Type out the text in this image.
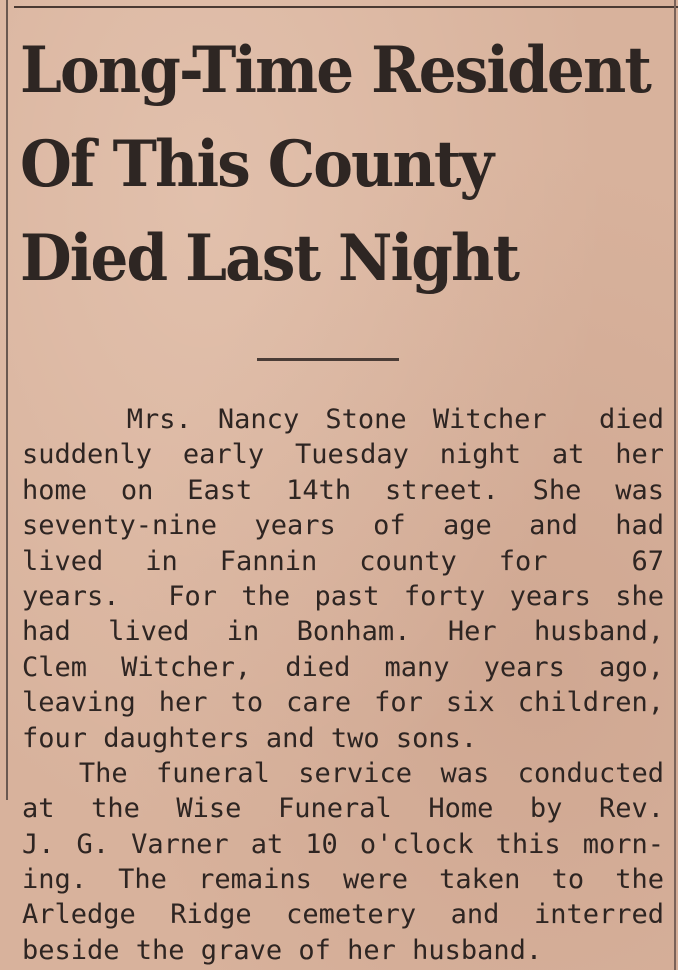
Long-Time Resident
Of This County
Died Last Night
Mrs. Nancy Stone Witcher  died
suddenly early Tuesday night at her
home on East 14th street. She was
seventy-nine years of age and had
lived in Fannin county for  67
years.  For the past forty years she
had lived in Bonham. Her husband,
Clem Witcher, died many years ago,
leaving her to care for six children,
four daughters and two sons.
The funeral service was conducted
at the Wise Funeral Home by Rev.
J. G. Varner at 10 o'clock this morn-
ing. The remains were taken to the
Arledge Ridge cemetery and interred
beside the grave of her husband.
